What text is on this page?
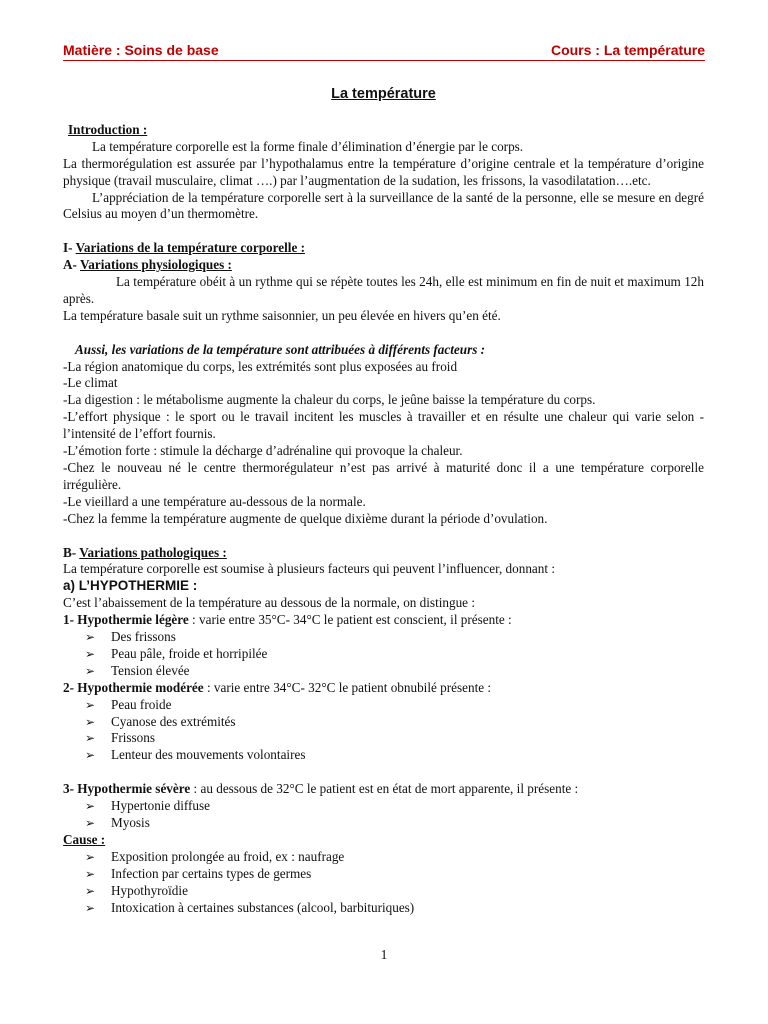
Matière : Soins de base	Cours : La température
La température

Introduction :

La température corporelle est la forme finale d’élimination d’énergie par le corps.

La thermorégulation est assurée par l’hypothalamus entre la température d’origine centrale et la température d’origine physique (travail musculaire, climat ….) par l’augmentation de la sudation, les frissons, la vasodilatation….etc.

L’appréciation de la température corporelle sert à la surveillance de la santé de la personne, elle se mesure en degré Celsius au moyen d’un thermomètre.

I- Variations de la température corporelle :

A- Variations physiologiques :

La température obéit à un rythme qui se répète toutes les 24h, elle est minimum en fin de nuit et maximum 12h après.

La température basale suit un rythme saisonnier, un peu élevée en hivers qu’en été.

Aussi, les variations de la température sont attribuées à différents facteurs :

-La région anatomique du corps, les extrémités sont plus exposées au froid

-Le climat

-La digestion : le métabolisme augmente la chaleur du corps, le jeûne baisse la température du corps.

-L’effort physique : le sport ou le travail incitent les muscles à travailler et en résulte une chaleur qui varie selon -l’intensité de l’effort fournis.

-L’émotion forte : stimule la décharge d’adrénaline qui provoque la chaleur.

-Chez le nouveau né le centre thermorégulateur n’est pas arrivé à maturité donc il a une température corporelle irrégulière.

-Le vieillard a une température au-dessous de la normale.

-Chez la femme la température augmente de quelque dixième durant la période d’ovulation.

B- Variations pathologiques :

La température corporelle est soumise à plusieurs facteurs qui peuvent l’influencer, donnant :

a) L’HYPOTHERMIE :

C’est l’abaissement de la température au dessous de la normale, on distingue :

1- Hypothermie légère : varie entre 35°C- 34°C le patient est conscient, il présente :

➢ Des frissons
➢ Peau pâle, froide et horripilée
➢ Tension élevée

2- Hypothermie modérée : varie entre 34°C- 32°C le patient obnubilé présente :

➢ Peau froide
➢ Cyanose des extrémités
➢ Frissons
➢ Lenteur des mouvements volontaires

3- Hypothermie sévère : au dessous de 32°C le patient est en état de mort apparente, il présente :

➢ Hypertonie diffuse
➢ Myosis

Cause :

➢ Exposition prolongée au froid, ex : naufrage
➢ Infection par certains types de germes
➢ Hypothyroïdie
➢ Intoxication à certaines substances (alcool, barbituriques)
1
